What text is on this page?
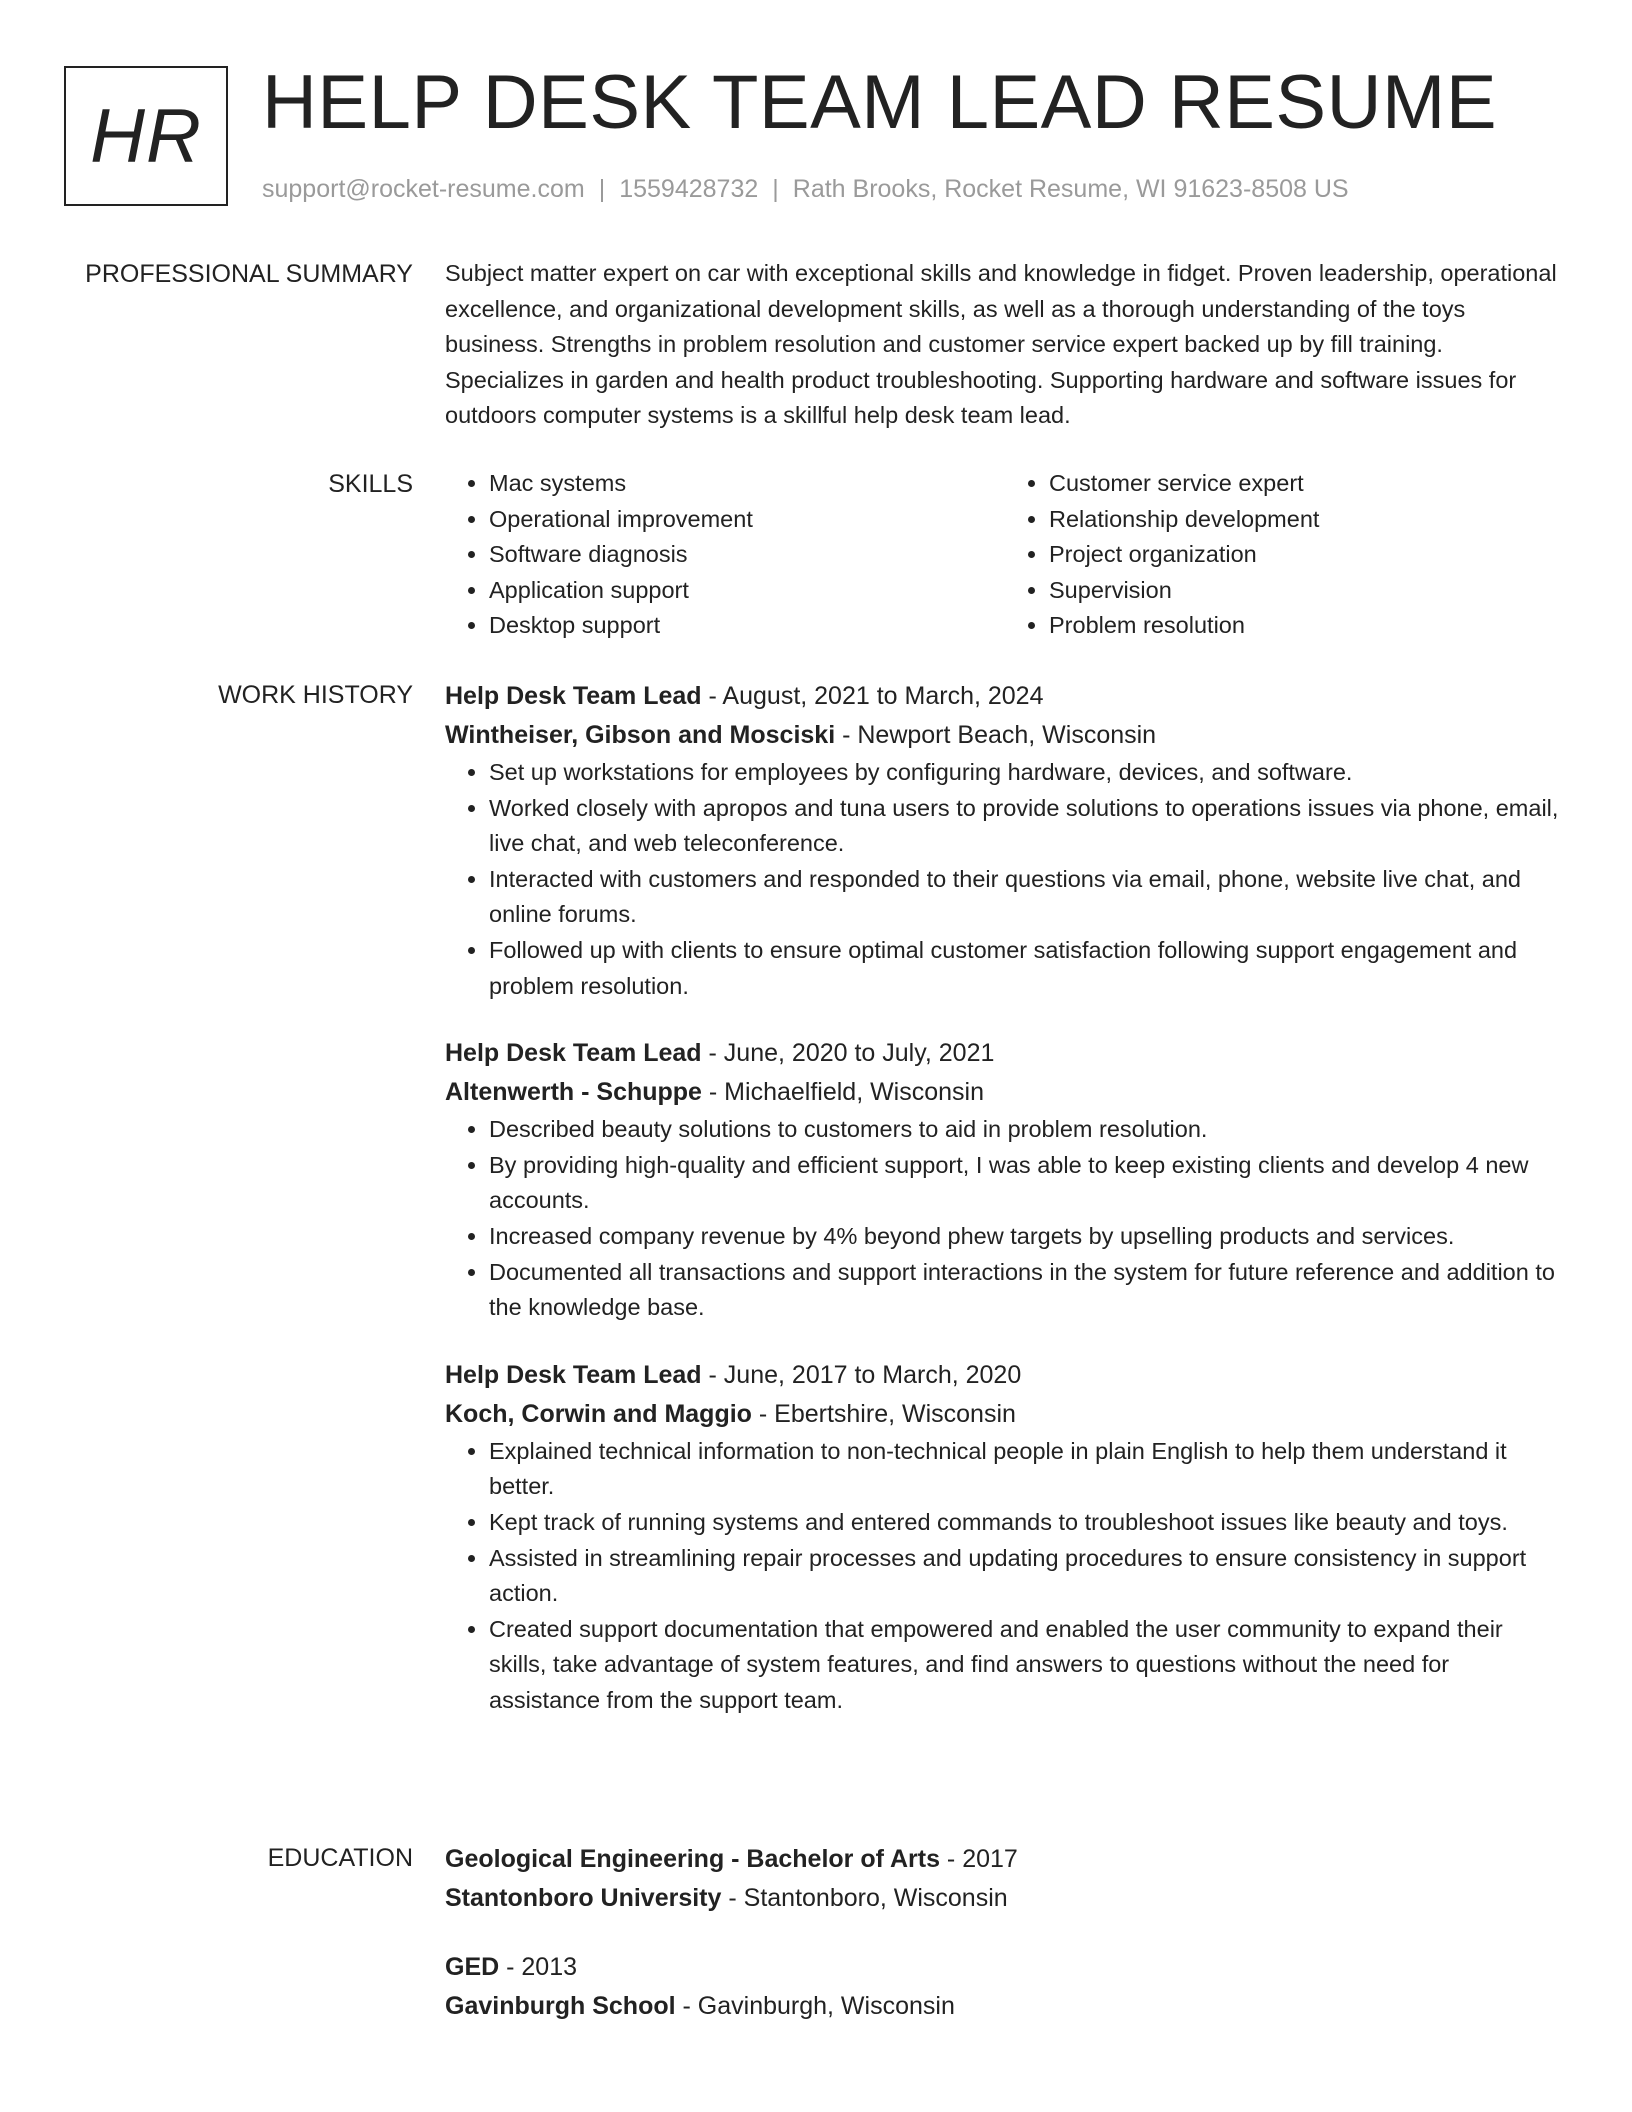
HR HELP DESK TEAM LEAD RESUME
support@rocket-resume.com | 1559428732 | Rath Brooks, Rocket Resume, WI 91623-8508 US
PROFESSIONAL SUMMARY Subject matter expert on car with exceptional skills and knowledge in fidget. Proven leadership, operational excellence, and organizational development skills, as well as a thorough understanding of the toys business. Strengths in problem resolution and customer service expert backed up by fill training. Specializes in garden and health product troubleshooting. Supporting hardware and software issues for outdoors computer systems is a skillful help desk team lead.

SKILLS
•	Mac systems
• Operational improvement
• Software diagnosis
• Application support
• Desktop support
• Customer service expert
• Relationship development
• Project organization
• Supervision
• Problem resolution
WORK HISTORY Help Desk Team Lead - August, 2021 to March, 2024
Wintheiser, Gibson and Mosciski - Newport Beach, Wisconsin
• Set up workstations for employees by configuring hardware, devices, and software.
• Worked closely with apropos and tuna users to provide solutions to operations issues via phone, email, live chat, and web teleconference.
• Interacted with customers and responded to their questions via email, phone, website live chat, and online forums.
• Followed up with clients to ensure optimal customer satisfaction following support engagement and problem resolution.
Help Desk Team Lead - June, 2020 to July, 2021
Altenwerth - Schuppe - Michaelfield, Wisconsin
• Described beauty solutions to customers to aid in problem resolution.
• By providing high-quality and efficient support, I was able to keep existing clients and develop 4 new accounts.
• Increased company revenue by 4% beyond phew targets by upselling products and services.
• Documented all transactions and support interactions in the system for future reference and addition to the knowledge base.
Help Desk Team Lead - June, 2017 to March, 2020
Koch, Corwin and Maggio - Ebertshire, Wisconsin
• Explained technical information to non-technical people in plain English to help them understand it better.
• Kept track of running systems and entered commands to troubleshoot issues like beauty and toys.
• Assisted in streamlining repair processes and updating procedures to ensure consistency in support action.
• Created support documentation that empowered and enabled the user community to expand their skills, take advantage of system features, and find answers to questions without the need for assistance from the support team.
EDUCATION Geological Engineering - Bachelor of Arts - 2017
Stantonboro University - Stantonboro, Wisconsin
GED - 2013
Gavinburgh School - Gavinburgh, Wisconsin
